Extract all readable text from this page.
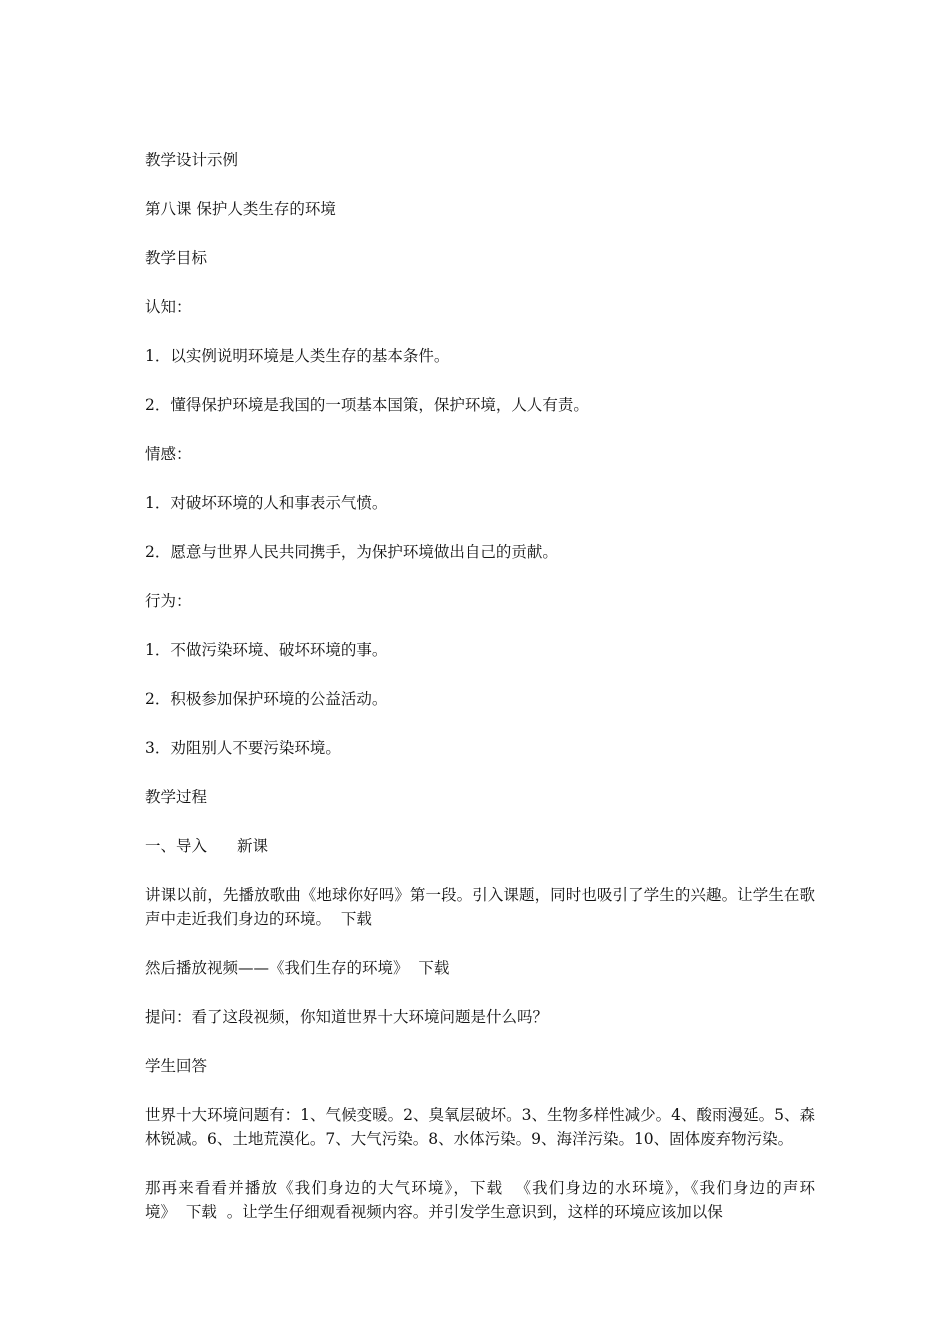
教学设计示例

第八课 保护人类生存的环境

教学目标

认知：

1．以实例说明环境是人类生存的基本条件。

2．懂得保护环境是我国的一项基本国策，保护环境，人人有责。

情感：

1．对破坏环境的人和事表示气愤。

2．愿意与世界人民共同携手，为保护环境做出自己的贡献。

行为：

1．不做污染环境、破坏环境的事。

2．积极参加保护环境的公益活动。

3．劝阻别人不要污染环境。

教学过程

一、导入 新课

讲课以前，先播放歌曲《地球你好吗》第一段。引入课题，同时也吸引了学生的兴趣。让学生在歌声中走近我们身边的环境。 下载

然后播放视频——《我们生存的环境》 下载

提问：看了这段视频，你知道世界十大环境问题是什么吗？

学生回答

世界十大环境问题有：1、气候变暖。2、臭氧层破坏。3、生物多样性减少。4、酸雨漫延。5、森林锐减。6、土地荒漠化。7、大气污染。8、水体污染。9、海洋污染。10、固体废弃物污染。

那再来看看并播放《我们身边的大气环境》，下载 《我们身边的水环境》，《我们身边的声环境》 下载 。让学生仔细观看视频内容。并引发学生意识到，这样的环境应该加以保
